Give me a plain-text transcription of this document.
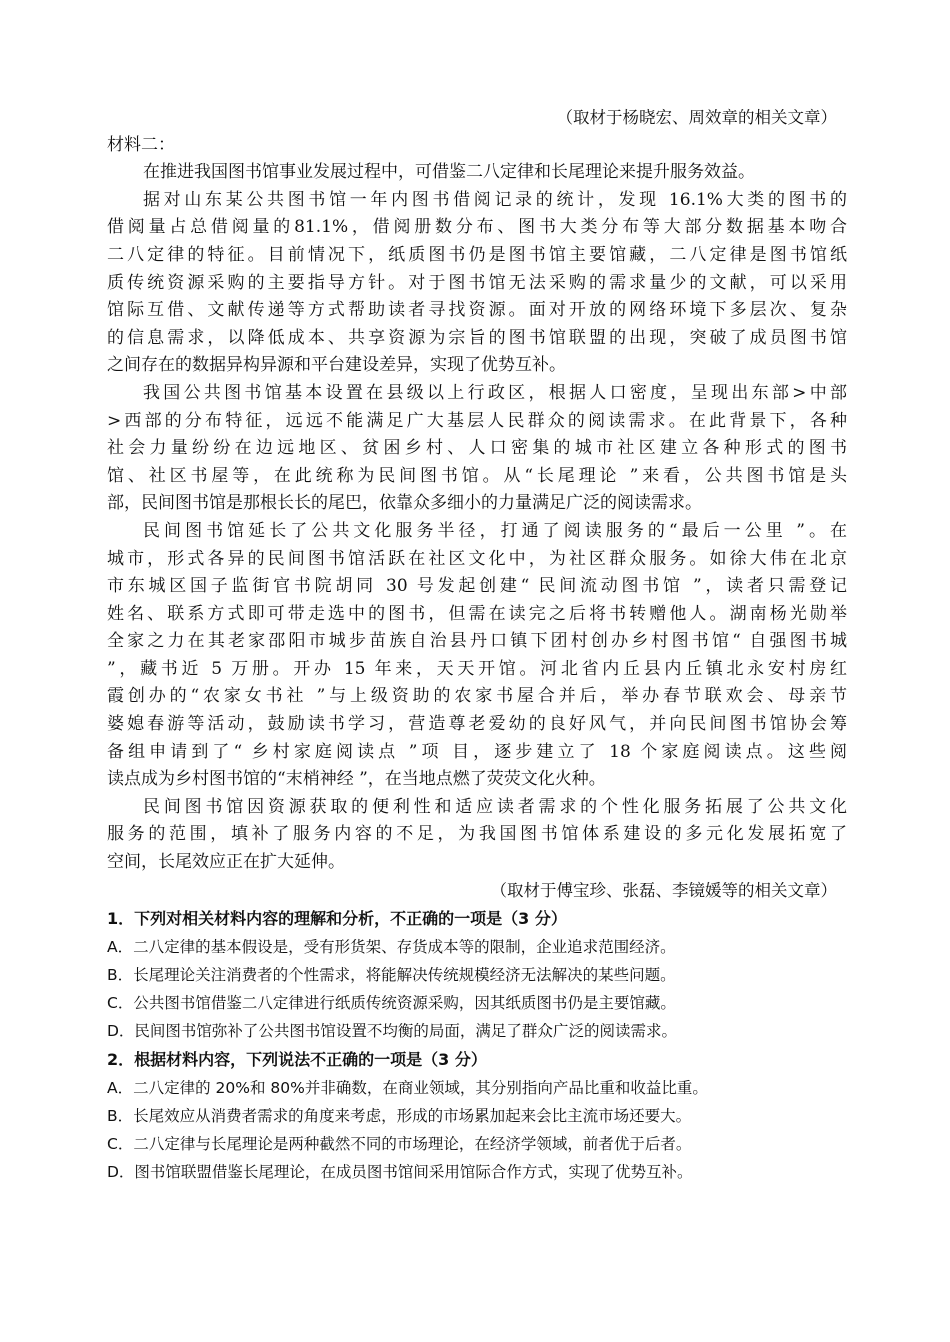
（取材于杨晓宏、周效章的相关文章）
材料二：
在推进我国图书馆事业发展过程中，可借鉴二八定律和长尾理论来提升服务效益。
据对山东某公共图书馆一年内图书借阅记录的统计，发现 16.1%大类的图书的
借阅量占总借阅量的81.1%，借阅册数分布、图书大类分布等大部分数据基本吻合
二八定律的特征。目前情况下，纸质图书仍是图书馆主要馆藏，二八定律是图书馆纸
质传统资源采购的主要指导方针。对于图书馆无法采购的需求量少的文献，可以采用
馆际互借、文献传递等方式帮助读者寻找资源。面对开放的网络环境下多层次、复杂
的信息需求，以降低成本、共享资源为宗旨的图书馆联盟的出现，突破了成员图书馆
之间存在的数据异构异源和平台建设差异，实现了优势互补。
我国公共图书馆基本设置在县级以上行政区，根据人口密度，呈现出东部>中部
>西部的分布特征，远远不能满足广大基层人民群众的阅读需求。在此背景下，各种
社会力量纷纷在边远地区、贫困乡村、人口密集的城市社区建立各种形式的图书
馆、社区书屋等，在此统称为民间图书馆。从“长尾理论 ”来看，公共图书馆是头
部，民间图书馆是那根长长的尾巴，依靠众多细小的力量满足广泛的阅读需求。
民间图书馆延长了公共文化服务半径，打通了阅读服务的“最后一公里 ”。在
城市，形式各异的民间图书馆活跃在社区文化中，为社区群众服务。如徐大伟在北京
市东城区国子监街官书院胡同 30 号发起创建“ 民间流动图书馆 ”，读者只需登记
姓名、联系方式即可带走选中的图书，但需在读完之后将书转赠他人。湖南杨光勋举
全家之力在其老家邵阳市城步苗族自治县丹口镇下团村创办乡村图书馆“ 自强图书城
”，藏书近 5 万册。开办 15 年来，天天开馆。河北省内丘县内丘镇北永安村房红
霞创办的“农家女书社 ”与上级资助的农家书屋合并后，举办春节联欢会、母亲节
婆媳春游等活动，鼓励读书学习，营造尊老爱幼的良好风气，并向民间图书馆协会筹
备组申请到了“ 乡村家庭阅读点 ”项 目，逐步建立了 18 个家庭阅读点。这些阅
读点成为乡村图书馆的“末梢神经 ”，在当地点燃了荧荧文化火种。
民间图书馆因资源获取的便利性和适应读者需求的个性化服务拓展了公共文化
服务的范围，填补了服务内容的不足，为我国图书馆体系建设的多元化发展拓宽了
空间，长尾效应正在扩大延伸。
（取材于傅宝珍、张磊、李镜媛等的相关文章）
1．下列对相关材料内容的理解和分析，不正确的一项是（3 分）
A．二八定律的基本假设是，受有形货架、存货成本等的限制，企业追求范围经济。
B．长尾理论关注消费者的个性需求，将能解决传统规模经济无法解决的某些问题。
C．公共图书馆借鉴二八定律进行纸质传统资源采购，因其纸质图书仍是主要馆藏。
D．民间图书馆弥补了公共图书馆设置不均衡的局面，满足了群众广泛的阅读需求。
2．根据材料内容，下列说法不正确的一项是（3 分）
A．二八定律的 20%和 80%并非确数，在商业领域，其分别指向产品比重和收益比重。
B．长尾效应从消费者需求的角度来考虑，形成的市场累加起来会比主流市场还要大。
C．二八定律与长尾理论是两种截然不同的市场理论，在经济学领域，前者优于后者。
D．图书馆联盟借鉴长尾理论，在成员图书馆间采用馆际合作方式，实现了优势互补。
